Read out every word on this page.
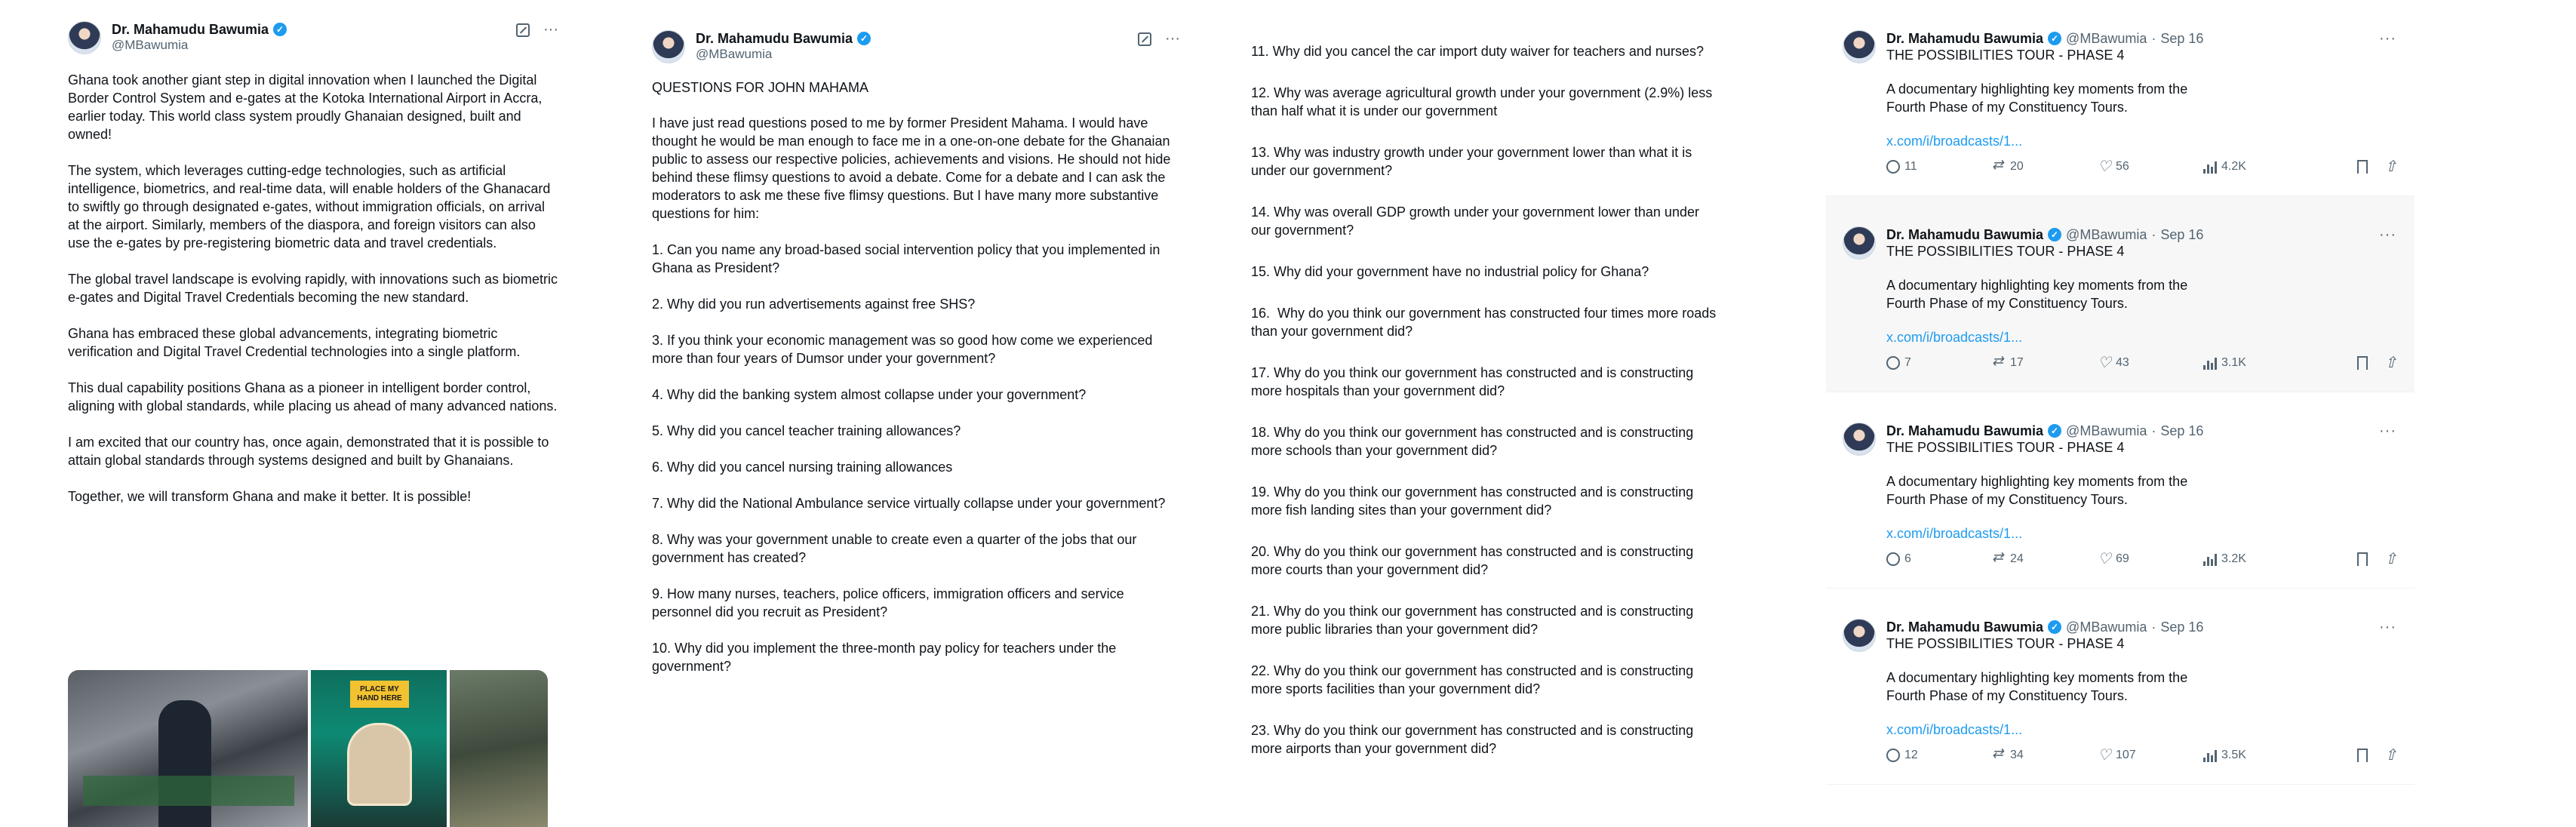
Dr. Mahamudu Bawumia ✓
@MBawumia
···

Ghana took another giant step in digital innovation when I launched the Digital Border Control System and e-gates at the Kotoka International Airport in Accra, earlier today. This world class system proudly Ghanaian designed, built and owned!

The system, which leverages cutting-edge technologies, such as artificial intelligence, biometrics, and real-time data, will enable holders of the Ghanacard to swiftly go through designated e-gates, without immigration officials, on arrival at the airport. Similarly, members of the diaspora, and foreign visitors can also use the e-gates by pre-registering biometric data and travel credentials.

The global travel landscape is evolving rapidly, with innovations such as biometric e-gates and Digital Travel Credentials becoming the new standard.

Ghana has embraced these global advancements, integrating biometric verification and Digital Travel Credential technologies into a single platform.

This dual capability positions Ghana as a pioneer in intelligent border control, aligning with global standards, while placing us ahead of many advanced nations.

I am excited that our country has, once again, demonstrated that it is possible to attain global standards through systems designed and built by Ghanaians.

Together, we will transform Ghana and make it better. It is possible!

PLACE MY HAND HERE
Dr. Mahamudu Bawumia ✓
@MBawumia
···
QUESTIONS FOR JOHN MAHAMA

I have just read questions posed to me by former President Mahama. I would have thought he would be man enough to face me in a one-on-one debate for the Ghanaian public to assess our respective policies, achievements and visions. He should not hide behind these flimsy questions to avoid a debate. Come for a debate and I can ask the moderators to ask me these five flimsy questions. But I have many more substantive questions for him:

1. Can you name any broad-based social intervention policy that you implemented in Ghana as President?

2. Why did you run advertisements against free SHS?

3. If you think your economic management was so good how come we experienced more than four years of Dumsor under your government?

4. Why did the banking system almost collapse under your government?

5. Why did you cancel teacher training allowances?

6. Why did you cancel nursing training allowances

7. Why did the National Ambulance service virtually collapse under your government?

8. Why was your government unable to create even a quarter of the jobs that our government has created?

9. How many nurses, teachers, police officers, immigration officers and service personnel did you recruit as President?

10. Why did you implement the three-month pay policy for teachers under the government?

11. Why did you cancel the car import duty waiver for teachers and nurses?

12. Why was average agricultural growth under your government (2.9%) less than half what it is under our government

13. Why was industry growth under your government lower than what it is under our government?

14. Why was overall GDP growth under your government lower than under our government?

15. Why did your government have no industrial policy for Ghana?

16.  Why do you think our government has constructed four times more roads than your government did?

17. Why do you think our government has constructed and is constructing more hospitals than your government did?

18. Why do you think our government has constructed and is constructing more schools than your government did?

19. Why do you think our government has constructed and is constructing more fish landing sites than your government did?

20. Why do you think our government has constructed and is constructing more courts than your government did?

21. Why do you think our government has constructed and is constructing more public libraries than your government did?

22. Why do you think our government has constructed and is constructing more sports facilities than your government did?

23. Why do you think our government has constructed and is constructing more airports than your government did?

···
Dr. Mahamudu Bawumia ✓ @MBawumia · Sep 16
THE POSSIBILITIES TOUR - PHASE 4
A documentary highlighting key moments from the Fourth Phase of my Constituency Tours.
x.com/i/broadcasts/1...
11 ⇄	20 ♡	56	4.2K
⇧
···
Dr. Mahamudu Bawumia ✓ @MBawumia · Sep 16
THE POSSIBILITIES TOUR - PHASE 4
A documentary highlighting key moments from the Fourth Phase of my Constituency Tours.
x.com/i/broadcasts/1...
7 ⇄	17 ♡	43	3.1K
⇧
···
Dr. Mahamudu Bawumia ✓ @MBawumia · Sep 16
THE POSSIBILITIES TOUR - PHASE 4
A documentary highlighting key moments from the Fourth Phase of my Constituency Tours.
x.com/i/broadcasts/1...
6 ⇄	24 ♡	69	3.2K
⇧
···
Dr. Mahamudu Bawumia ✓ @MBawumia · Sep 16
THE POSSIBILITIES TOUR - PHASE 4
A documentary highlighting key moments from the Fourth Phase of my Constituency Tours.
x.com/i/broadcasts/1...
12 ⇄	34 ♡	107	3.5K
⇧
